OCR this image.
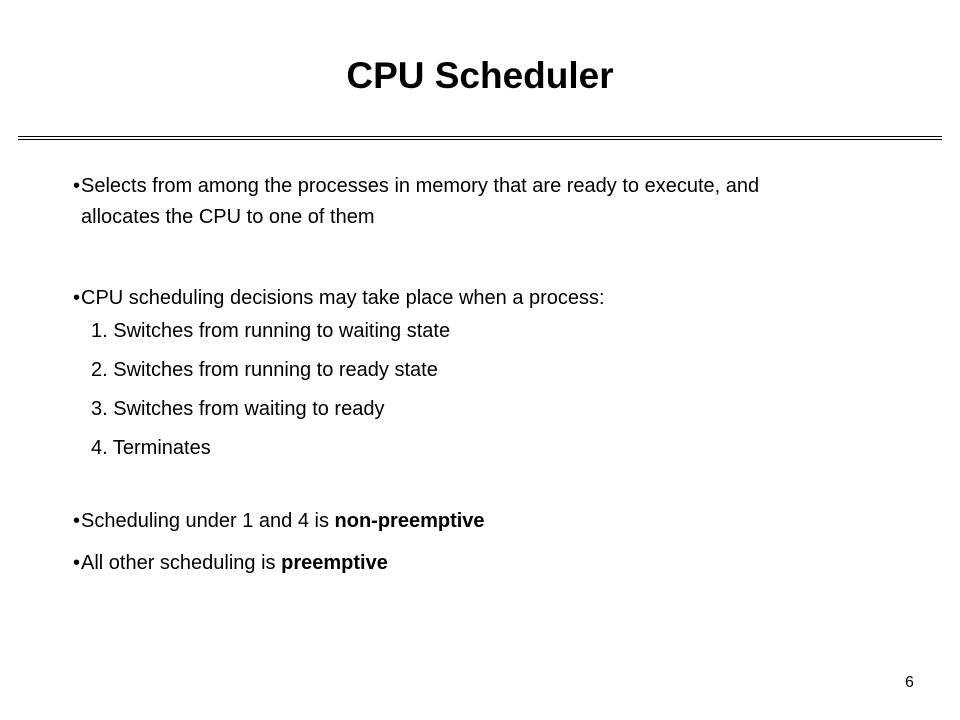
CPU Scheduler
• Selects from among the processes in memory that are ready to execute, and allocates the CPU to one of them
• CPU scheduling decisions may take place when a process:
1. Switches from running to waiting state
2. Switches from running to ready state
3. Switches from waiting to ready
4. Terminates
• Scheduling under 1 and 4 is non-preemptive
• All other scheduling is preemptive
6
